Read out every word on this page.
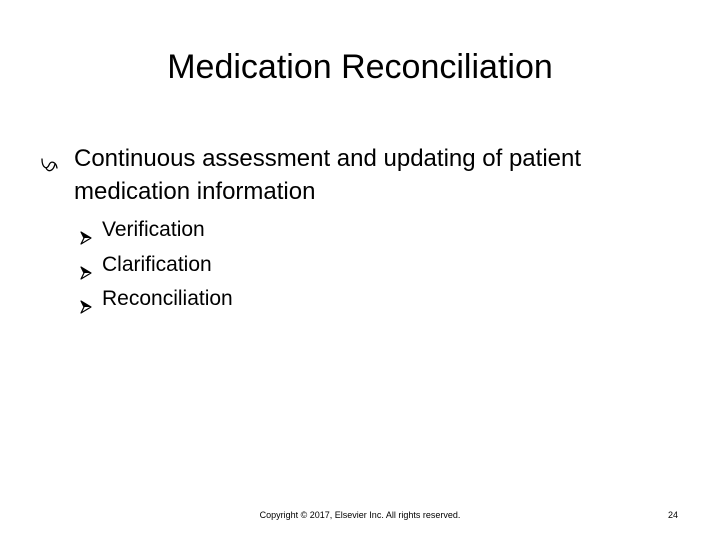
Medication Reconciliation
Continuous assessment and updating of patient medication information
Verification
Clarification
Reconciliation
Copyright © 2017, Elsevier Inc. All rights reserved.	24
